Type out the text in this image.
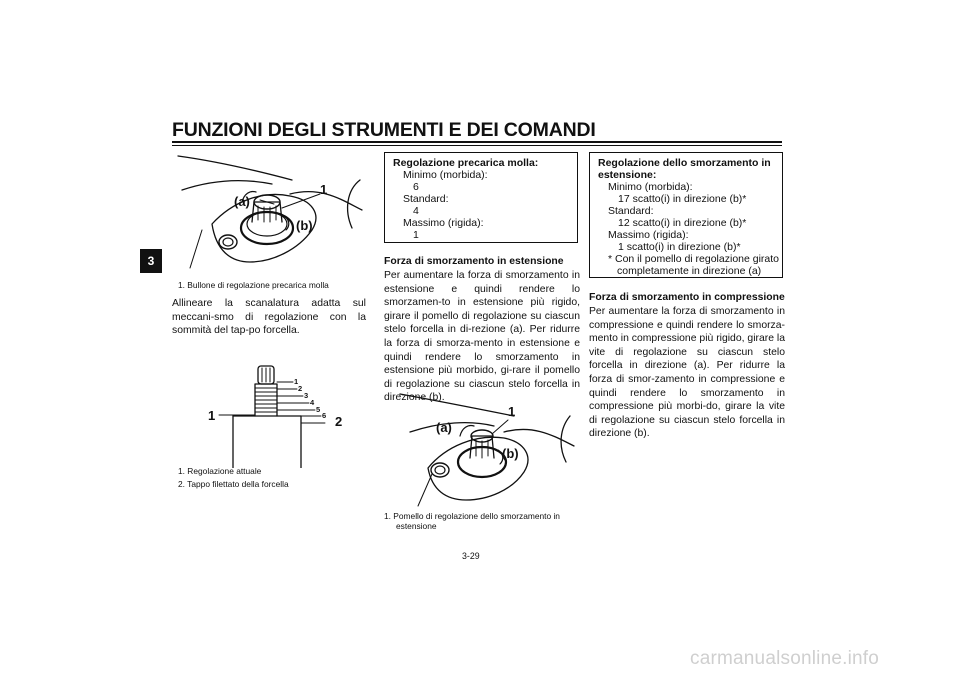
FUNZIONI DEGLI STRUMENTI E DEI COMANDI
3
(a)
(b)
1
1. Bullone di regolazione precarica molla
Allineare la scanalatura adatta sul meccani-smo di regolazione con la sommità del tap-po forcella.
1
2
3
4
5
6
1	2
1. Regolazione attuale
2. Tappo filettato della forcella
Regolazione precarica molla:
Minimo (morbida):
6
Standard:
4
Massimo (rigida):
1
Forza di smorzamento in estensione
Per aumentare la forza di smorzamento in estensione e quindi rendere lo smorzamen-to in estensione più rigido, girare il pomello di regolazione su ciascun stelo forcella in di-rezione (a). Per ridurre la forza di smorza-mento in estensione e quindi rendere lo smorzamento in estensione più morbido, gi-rare il pomello di regolazione su ciascun stelo forcella in direzione (b).
(a)
(b)
1
1. Pomello di regolazione dello smorzamento in
estensione
Regolazione dello smorzamento in
estensione:
Minimo (morbida):
17 scatto(i) in direzione (b)*
Standard:
12 scatto(i) in direzione (b)*
Massimo (rigida):
1 scatto(i) in direzione (b)*
* Con il pomello di regolazione girato
completamente in direzione (a)
Forza di smorzamento in compressione
Per aumentare la forza di smorzamento in compressione e quindi rendere lo smorza-mento in compressione più rigido, girare la vite di regolazione su ciascun stelo forcella in direzione (a). Per ridurre la forza di smor-zamento in compressione e quindi rendere lo smorzamento in compressione più morbi-do, girare la vite di regolazione su ciascun stelo forcella in direzione (b).
3-29
carmanualsonline.info
